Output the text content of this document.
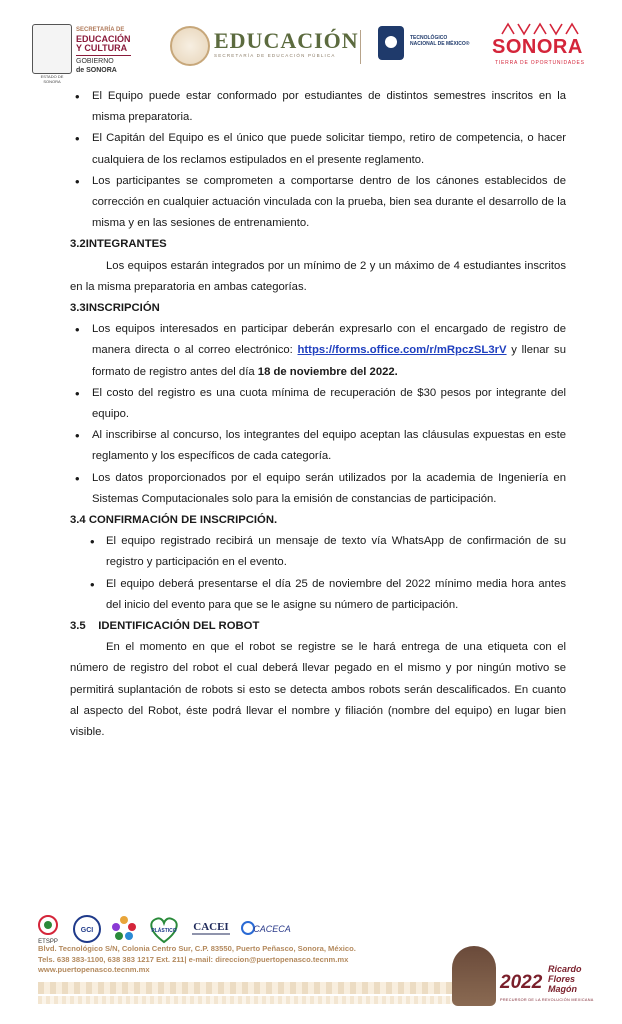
ESTADO DE SONORA
SECRETARÍA DE
EDUCACIÓN
Y CULTURA
GOBIERNO
de SONORA
EDUCACIÓN
SECRETARÍA DE EDUCACIÓN PÚBLICA
TECNOLÓGICO
NACIONAL DE MÉXICO® SONORA
TIERRA DE OPORTUNIDADES
• El Equipo puede estar conformado por estudiantes de distintos semestres inscritos en la misma preparatoria.
• El Capitán del Equipo es el único que puede solicitar tiempo, retiro de competencia, o hacer cualquiera de los reclamos estipulados en el presente reglamento.
• Los participantes se comprometen a comportarse dentro de los cánones establecidos de corrección en cualquier actuación vinculada con la prueba, bien sea durante el desarrollo de la misma y en las sesiones de entrenamiento.

3.2INTEGRANTES

Los equipos estarán integrados por un mínimo de 2 y un máximo de 4 estudiantes inscritos en la misma preparatoria en ambas categorías.

3.3INSCRIPCIÓN

• Los equipos interesados en participar deberán expresarlo con el encargado de registro de manera directa o al correo electrónico: https://forms.office.com/r/mRpczSL3rV y llenar su formato de registro antes del día 18 de noviembre del 2022.
• El costo del registro es una cuota mínima de recuperación de $30 pesos por integrante del equipo.
• Al inscribirse al concurso, los integrantes del equipo aceptan las cláusulas expuestas en este reglamento y los específicos de cada categoría.
• Los datos proporcionados por el equipo serán utilizados por la academia de Ingeniería en Sistemas Computacionales solo para la emisión de constancias de participación.

3.4 CONFIRMACIÓN DE INSCRIPCIÓN.

• El equipo registrado recibirá un mensaje de texto vía WhatsApp de confirmación de su registro y participación en el evento.
• El equipo deberá presentarse el día 25 de noviembre del 2022 mínimo media hora antes del inicio del evento para que se le asigne su número de participación.

3.5    IDENTIFICACIÓN DEL ROBOT

En el momento en que el robot se registre se le hará entrega de una etiqueta con el número de registro del robot el cual deberá llevar pegado en el mismo y por ningún motivo se permitirá suplantación de robots si esto se detecta ambos robots serán descalificados. En cuanto al aspecto del Robot, éste podrá llevar el nombre y filiación (nombre del equipo) en lugar bien visible.

ETSPP
GCI	PLÁSTICO CACEI	CACECA
Blvd. Tecnológico S/N, Colonia Centro Sur, C.P. 83550, Puerto Peñasco, Sonora, México.
Tels. 638 383-1100, 638 383 1217 Ext. 211| e-mail: direccion@puertopenasco.tecnm.mx
www.puertopenasco.tecnm.mx
2022
Ricardo
Flores
Magón
PRECURSOR DE LA REVOLUCIÓN MEXICANA
